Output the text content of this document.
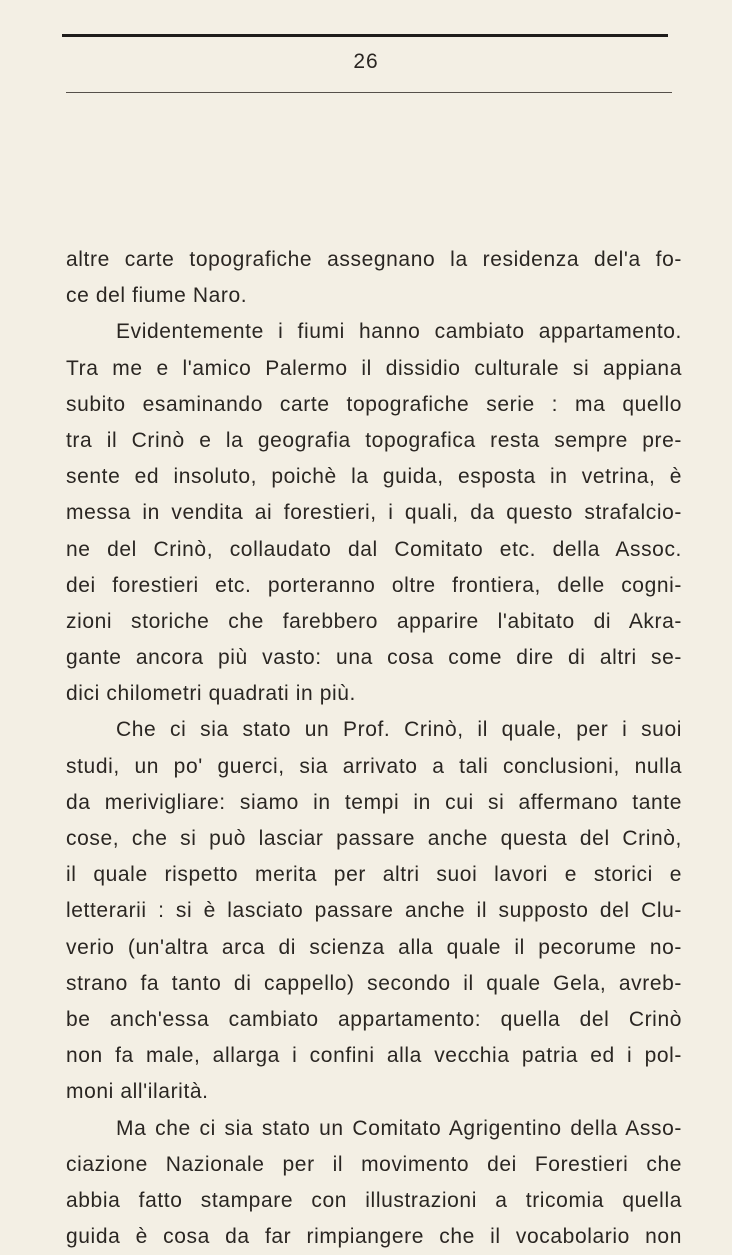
26
altre carte topografiche assegnano la residenza del'a fo-
ce del fiume Naro.
Evidentemente i fiumi hanno cambiato appartamento.
Tra me e l'amico Palermo il dissidio culturale si appiana
subito esaminando carte topografiche serie : ma quello
tra il Crinò e la geografia topografica resta sempre pre-
sente ed insoluto, poichè la guida, esposta in vetrina, è
messa in vendita ai forestieri, i quali, da questo strafalcio-
ne del Crinò, collaudato dal Comitato etc. della Assoc.
dei forestieri etc. porteranno oltre frontiera, delle cogni-
zioni storiche che farebbero apparire l'abitato di Akra-
gante ancora più vasto: una cosa come dire di altri se-
dici chilometri quadrati in più.
Che ci sia stato un Prof. Crinò, il quale, per i suoi
studi, un po' guerci, sia arrivato a tali conclusioni, nulla
da merivigliare: siamo in tempi in cui si affermano tante
cose, che si può lasciar passare anche questa del Crinò,
il quale rispetto merita per altri suoi lavori e storici e
letterarii : si è lasciato passare anche il supposto del Clu-
verio (un'altra arca di scienza alla quale il pecorume no-
strano fa tanto di cappello) secondo il quale Gela, avreb-
be anch'essa cambiato appartamento: quella del Crinò
non fa male, allarga i confini alla vecchia patria ed i pol-
moni all'ilarità.
Ma che ci sia stato un Comitato Agrigentino della Asso-
ciazione Nazionale per il movimento dei Forestieri che
abbia fatto stampare con illustrazioni a tricomia quella
guida è cosa da far rimpiangere che il vocabolario non
